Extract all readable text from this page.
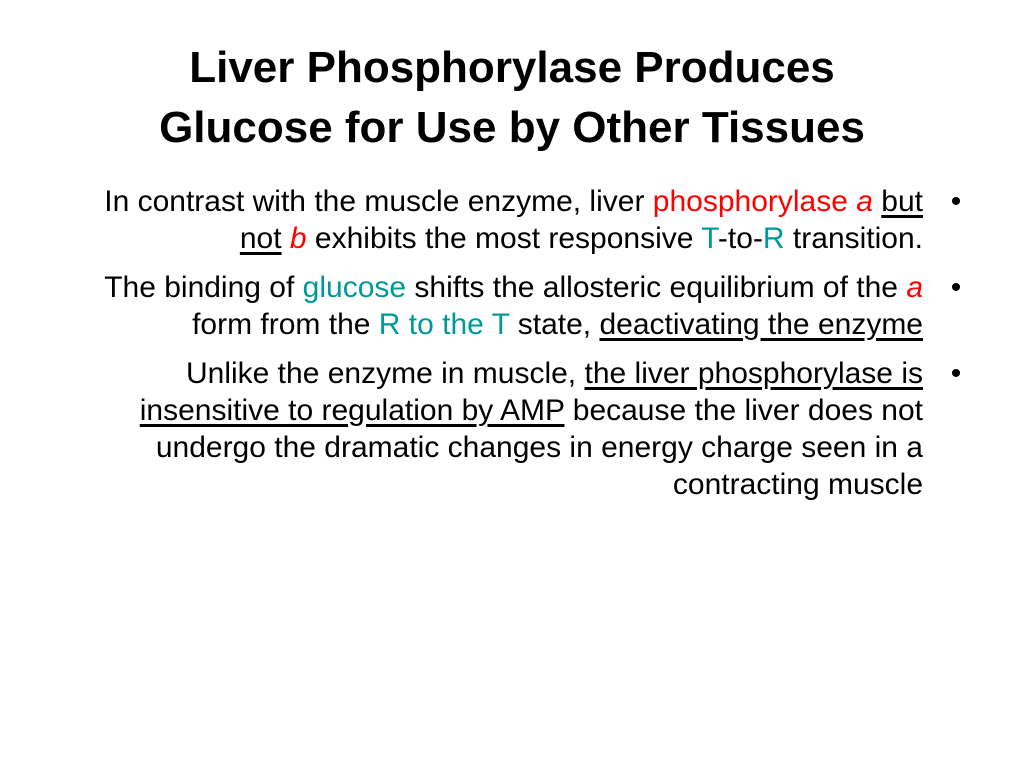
Liver Phosphorylase Produces
Glucose for Use by Other Tissues
•
In contrast with the muscle enzyme, liver phosphorylase a but not b exhibits the most responsive T-to-R transition.
•
The binding of glucose shifts the allosteric equilibrium of the a form from the R to the T state, deactivating the enzyme
•
Unlike the enzyme in muscle, the liver phosphorylase is insensitive to regulation by AMP because the liver does not undergo the dramatic changes in energy charge seen in a contracting muscle
